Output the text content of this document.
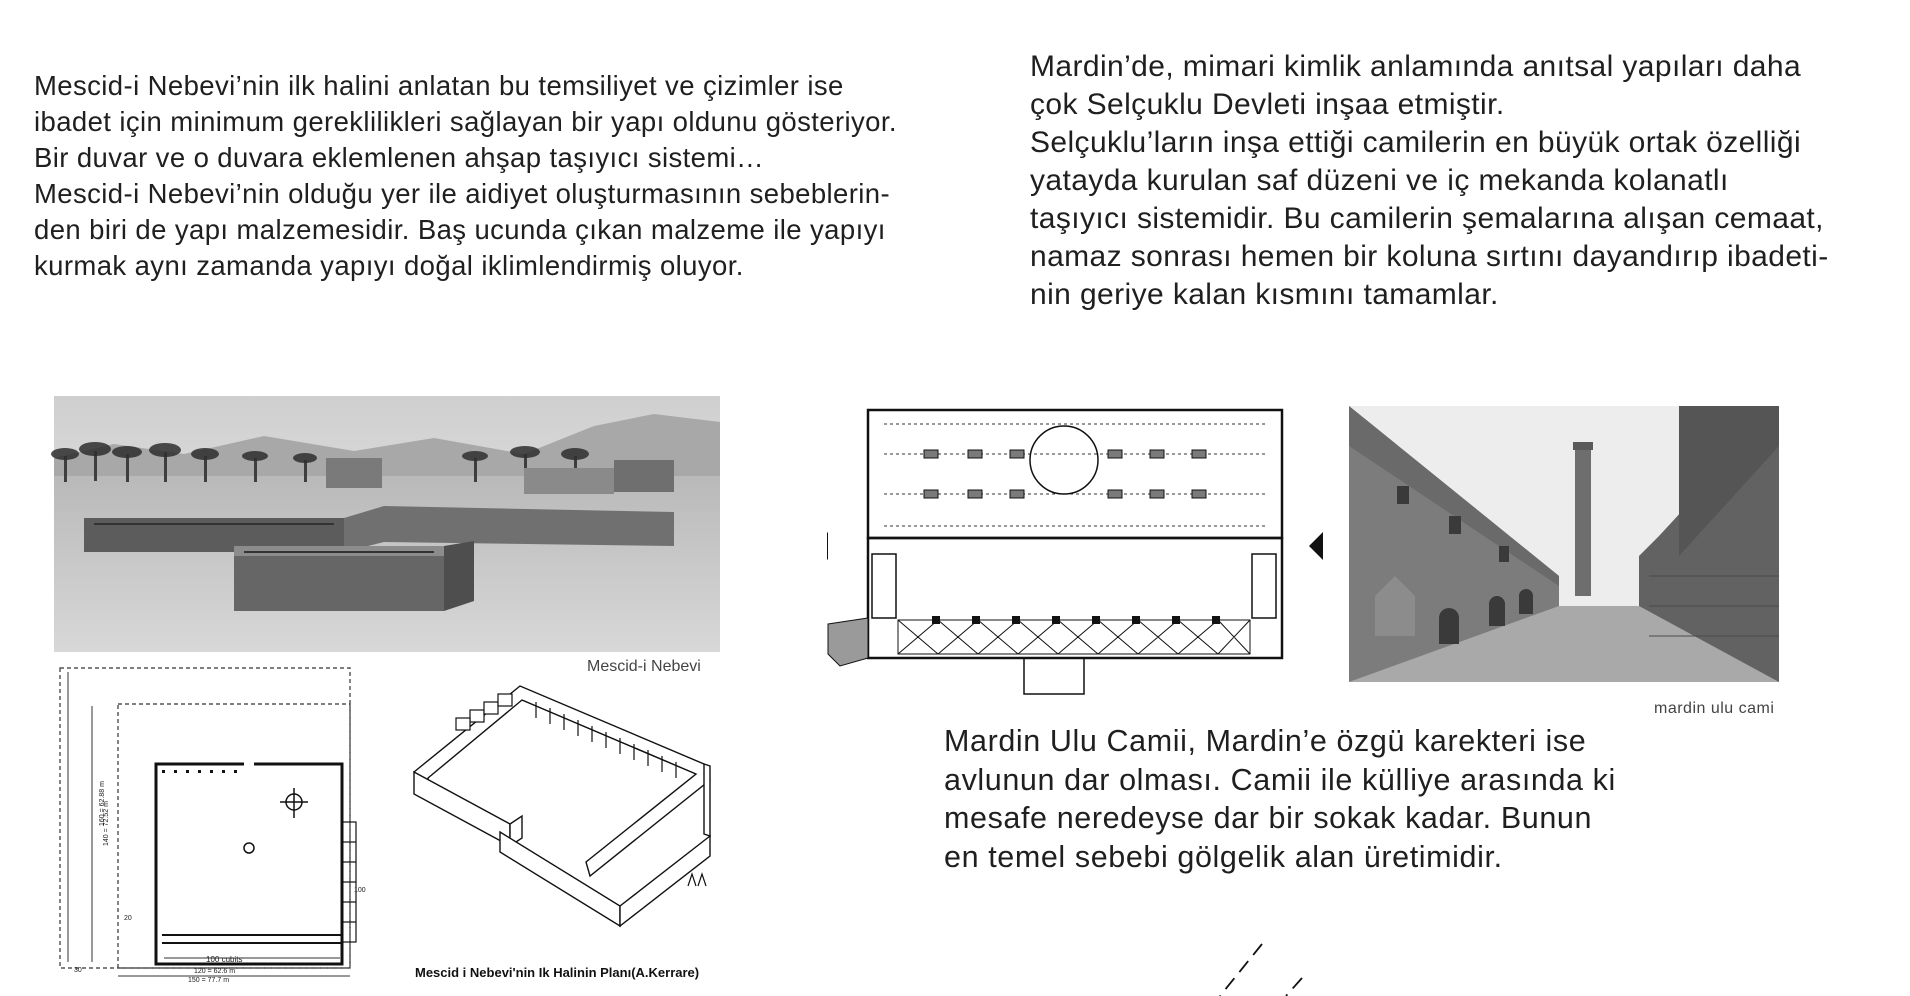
Mescid-i Nebevi’nin ilk halini anlatan bu temsiliyet ve çizimler ise
ibadet için minimum gereklilikleri sağlayan bir yapı oldunu gösteriyor.
Bir duvar ve o duvara eklemlenen ahşap taşıyıcı sistemi…
Mescid-i Nebevi’nin olduğu yer ile aidiyet oluşturmasının sebeblerin-
den biri de yapı malzemesidir. Baş ucunda çıkan malzeme ile yapıyı
kurmak aynı zamanda yapıyı doğal iklimlendirmiş oluyor.

Mardin’de, mimari kimlik anlamında anıtsal yapıları daha
çok Selçuklu Devleti inşaa etmiştir.
Selçuklu’ların inşa ettiği camilerin en büyük ortak özelliği
yatayda kurulan saf düzeni ve iç mekanda kolanatlı
taşıyıcı sistemidir. Bu camilerin şemalarına alışan cemaat,
namaz sonrası hemen bir koluna sırtını dayandırıp ibadeti-
nin geriye kalan kısmını tamamlar.

Mescid-i Nebevi
100 cubits
120 = 62.6 m
150 = 77.7 m
160 = 62.88 m
140 = 72.52 m
30
20
100
Mescid i Nebevi'nin Ik Halinin Planı(A.Kerrare)
mardin ulu cami

Mardin Ulu Camii, Mardin’e özgü karekteri ise
avlunun dar olması. Camii ile külliye arasında ki
mesafe neredeyse dar bir sokak kadar. Bunun
en temel sebebi gölgelik alan üretimidir.
